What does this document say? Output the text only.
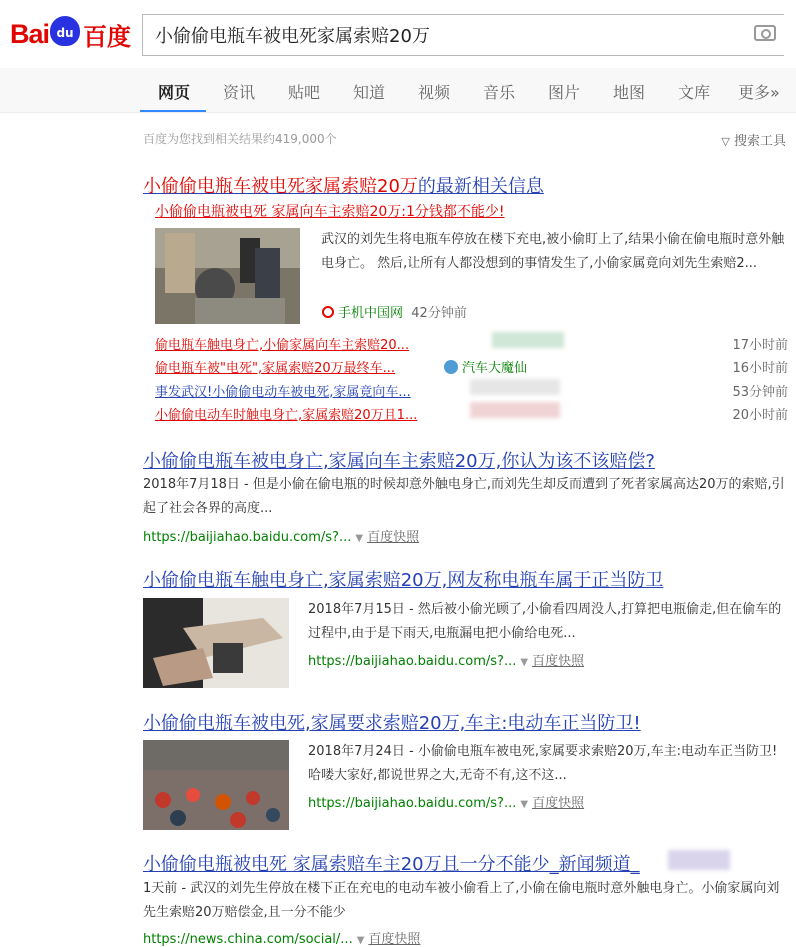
Bai du 百度
小偷偷电瓶车被电死家属索赔20万
网页 资讯 贴吧 知道 视频 音乐 图片 地图 文库 更多»
百度为您找到相关结果约419,000个	▽ 搜索工具
小偷偷电瓶车被电死家属索赔20万的最新相关信息
小偷偷电瓶被电死 家属向车主索赔20万:1分钱都不能少!
武汉的刘先生将电瓶车停放在楼下充电,被小偷盯上了,结果小偷在偷电瓶时意外触电身亡。 然后,让所有人都没想到的事情发生了,小偷家属竟向刘先生索赔2...
手机中国网 42分钟前
偷电瓶车触电身亡,小偷家属向车主索赔20...	17小时前
偷电瓶车被"电死",家属索赔20万最终车...	汽车大魔仙	16小时前
事发武汉!小偷偷电动车被电死,家属竟向车...	53分钟前
小偷偷电动车时触电身亡,家属索赔20万且1...	20小时前
小偷偷电瓶车被电身亡,家属向车主索赔20万,你认为该不该赔偿?
2018年7月18日 - 但是小偷在偷电瓶的时候却意外触电身亡,而刘先生却反而遭到了死者家属高达20万的索赔,引起了社会各界的高度...
https://baijiahao.baidu.com/s?... ▼ 百度快照
小偷偷电瓶车触电身亡,家属索赔20万,网友称电瓶车属于正当防卫
2018年7月15日 - 然后被小偷光顾了,小偷看四周没人,打算把电瓶偷走,但在偷车的过程中,由于是下雨天,电瓶漏电把小偷给电死...
https://baijiahao.baidu.com/s?... ▼ 百度快照
小偷偷电瓶车被电死,家属要求索赔20万,车主:电动车正当防卫!
2018年7月24日 - 小偷偷电瓶车被电死,家属要求索赔20万,车主:电动车正当防卫! 哈喽大家好,都说世界之大,无奇不有,这不这...
https://baijiahao.baidu.com/s?... ▼ 百度快照
小偷偷电瓶被电死 家属索赔车主20万且一分不能少_新闻频道_
1天前 - 武汉的刘先生停放在楼下正在充电的电动车被小偷看上了,小偷在偷电瓶时意外触电身亡。小偷家属向刘先生索赔20万赔偿金,且一分不能少
https://news.china.com/social/... ▼ 百度快照
